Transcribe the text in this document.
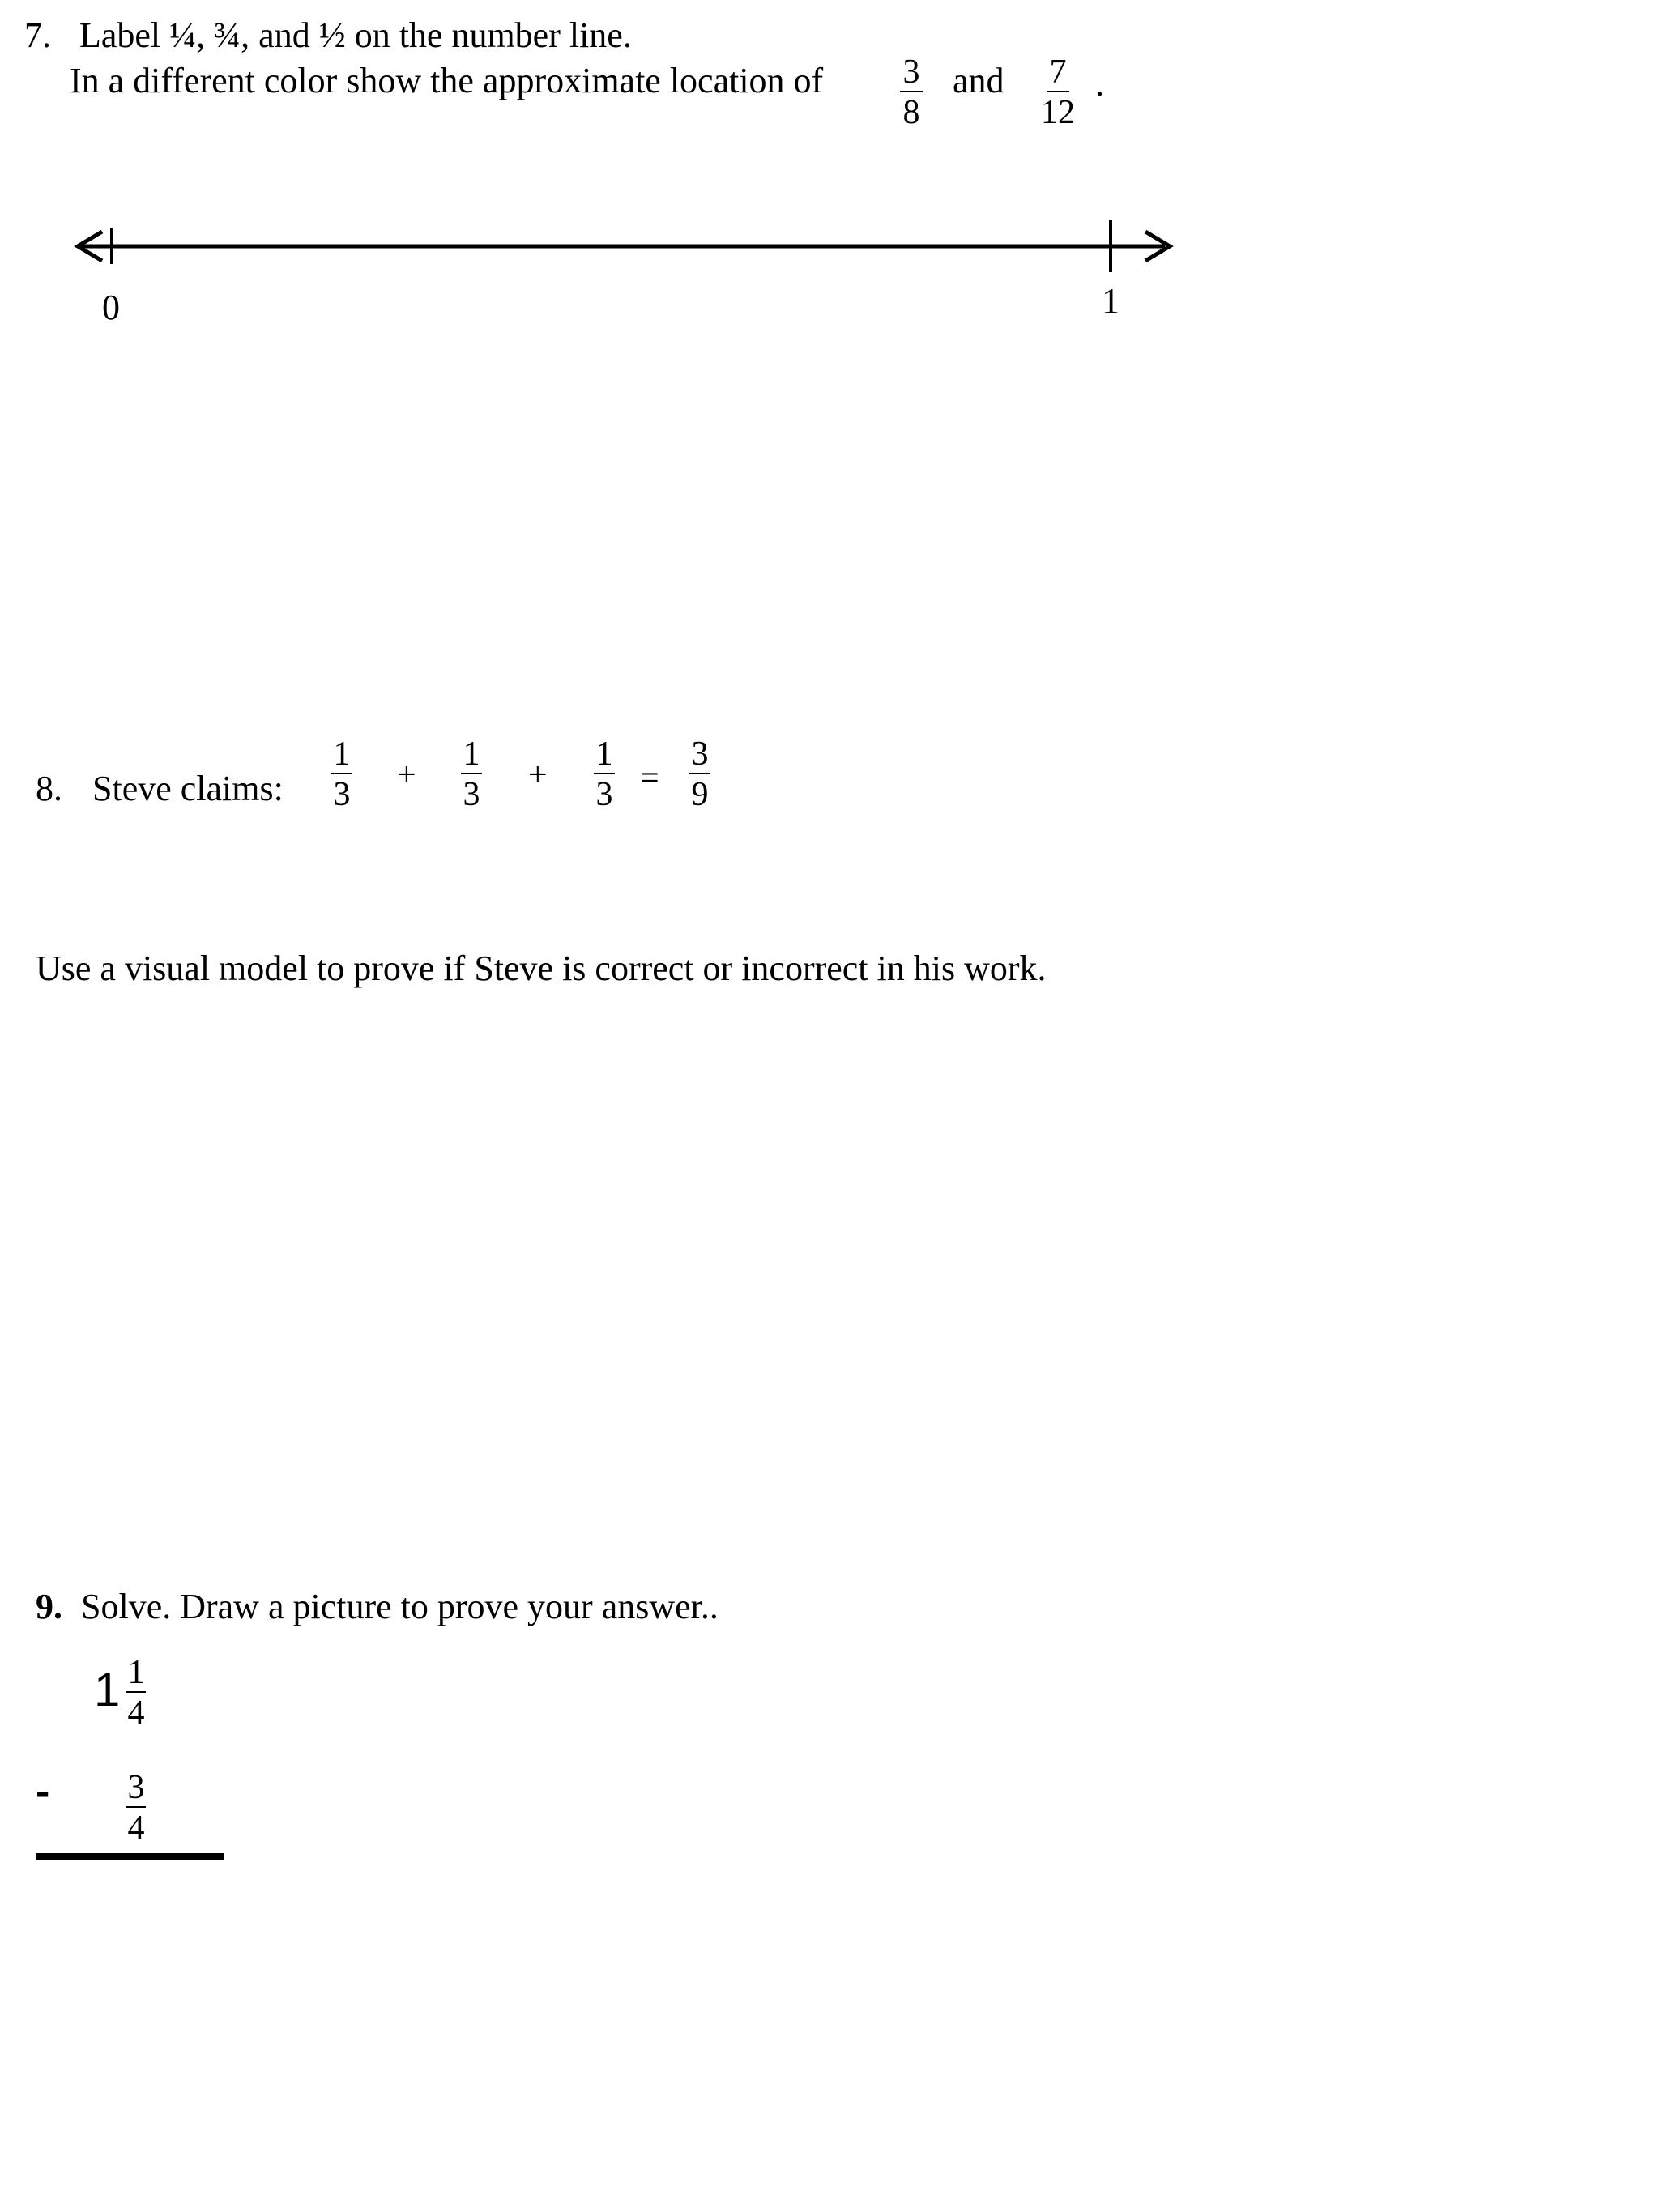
7. Label ¼, ¾, and ½ on the number line.
In a different color show the approximate location of 3
8
and	7
12
.
0	1
8. Steve claims:
1
3
+
1
3
+
1
3 =
3
9
Use a visual model to prove if Steve is correct or incorrect in his work.
9. Solve. Draw a picture to prove your answer..
1 1
4
- 3
4
